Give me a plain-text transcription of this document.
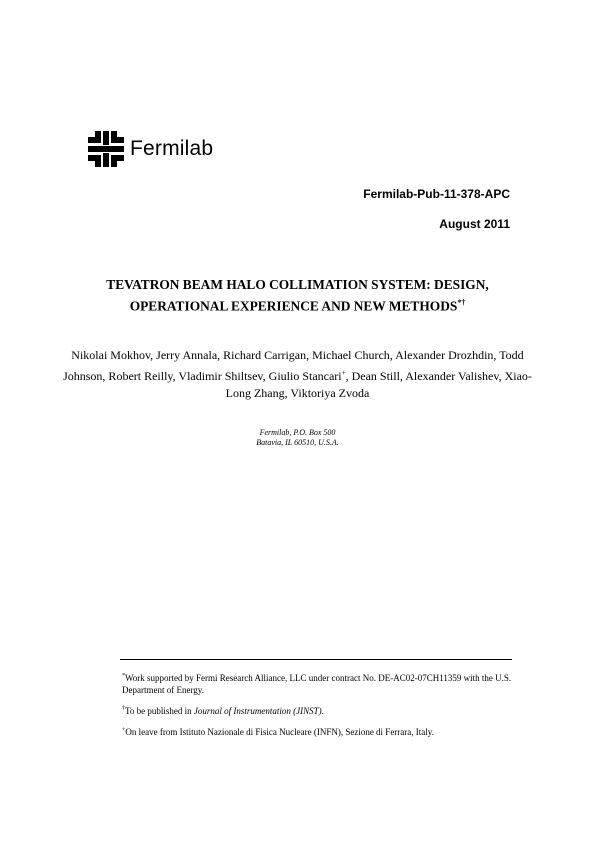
Fermilab
Fermilab-Pub-11-378-APC
August 2011
TEVATRON BEAM HALO COLLIMATION SYSTEM: DESIGN,
OPERATIONAL EXPERIENCE AND NEW METHODS*†
Nikolai Mokhov, Jerry Annala, Richard Carrigan, Michael Church, Alexander Drozhdin, Todd Johnson, Robert Reilly, Vladimir Shiltsev, Giulio Stancari+, Dean Still, Alexander Valishev, Xiao-Long Zhang, Viktoriya Zvoda
Fermilab, P.O. Box 500
Batavia, IL 60510, U.S.A.

*Work supported by Fermi Research Alliance, LLC under contract No. DE-AC02-07CH11359 with the U.S. Department of Energy.

†To be published in Journal of Instrumentation (JINST).

+On leave from Istituto Nazionale di Fisica Nucleare (INFN), Sezione di Ferrara, Italy.
